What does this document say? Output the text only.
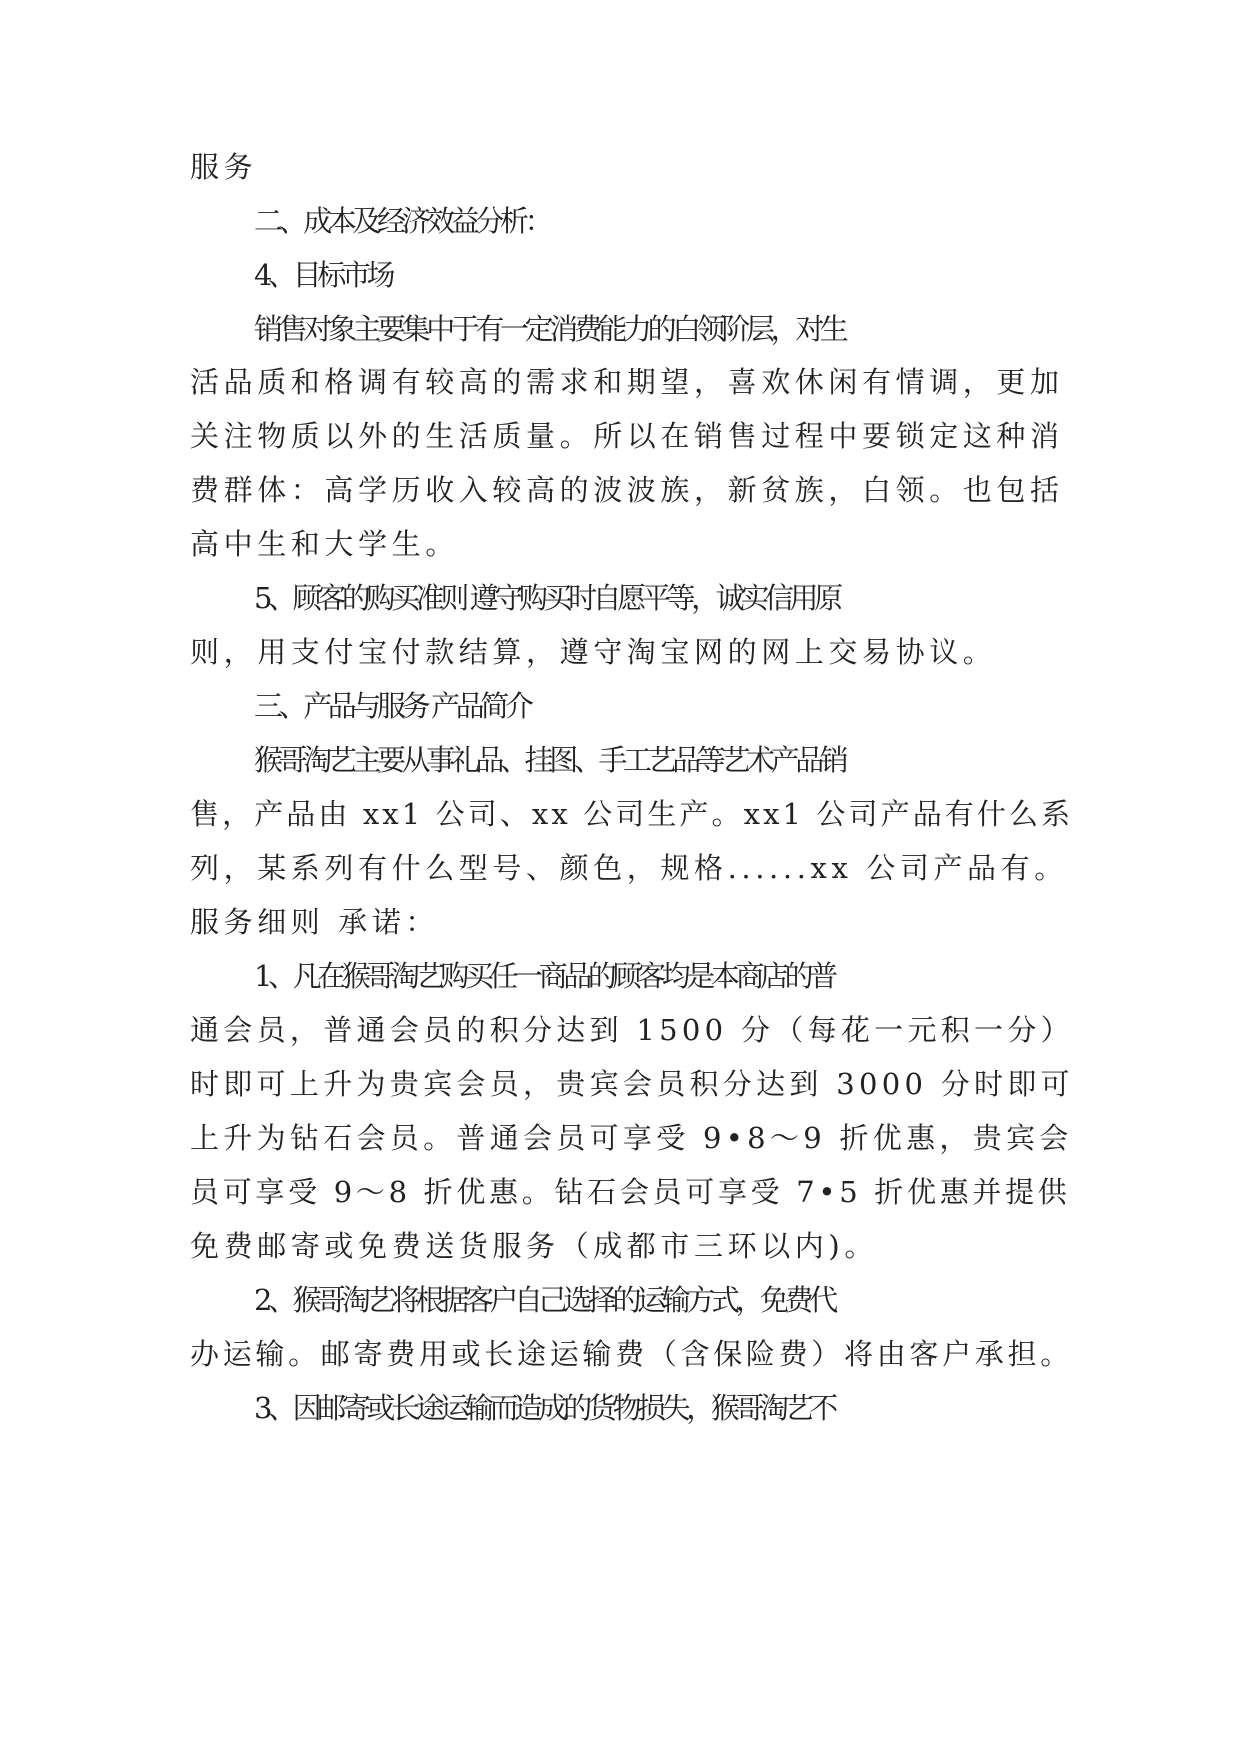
服务
二、成本及经济效益分析：
4、目标市场
销售对象主要集中于有一定消费能力的白领阶层，对生
活品质和格调有较高的需求和期望，喜欢休闲有情调，更加
关注物质以外的生活质量。所以在销售过程中要锁定这种消
费群体：高学历收入较高的波波族，新贫族，白领。也包括
高中生和大学生。
5、顾客的购买准则 遵守购买时自愿平等，诚实信用原
则，用支付宝付款结算，遵守淘宝网的网上交易协议。
三、产品与服务 产品简介
猴哥淘艺主要从事礼品、挂图、手工艺品等艺术产品销
售，产品由 xx1 公司、xx 公司生产。xx1 公司产品有什么系
列，某系列有什么型号、颜色，规格......xx 公司产品有。
服务细则 承诺：
1、凡在猴哥淘艺购买任一商品的顾客均是本商店的普
通会员，普通会员的积分达到 1500 分（每花一元积一分）
时即可上升为贵宾会员，贵宾会员积分达到 3000 分时即可
上升为钻石会员。普通会员可享受 9•8～9 折优惠，贵宾会
员可享受 9～8 折优惠。钻石会员可享受 7•5 折优惠并提供
免费邮寄或免费送货服务（成都市三环以内)。
2、猴哥淘艺将根据客户自己选择的运输方式，免费代
办运输。邮寄费用或长途运输费（含保险费）将由客户承担。
3、因邮寄或长途运输而造成的货物损失，猴哥淘艺不
